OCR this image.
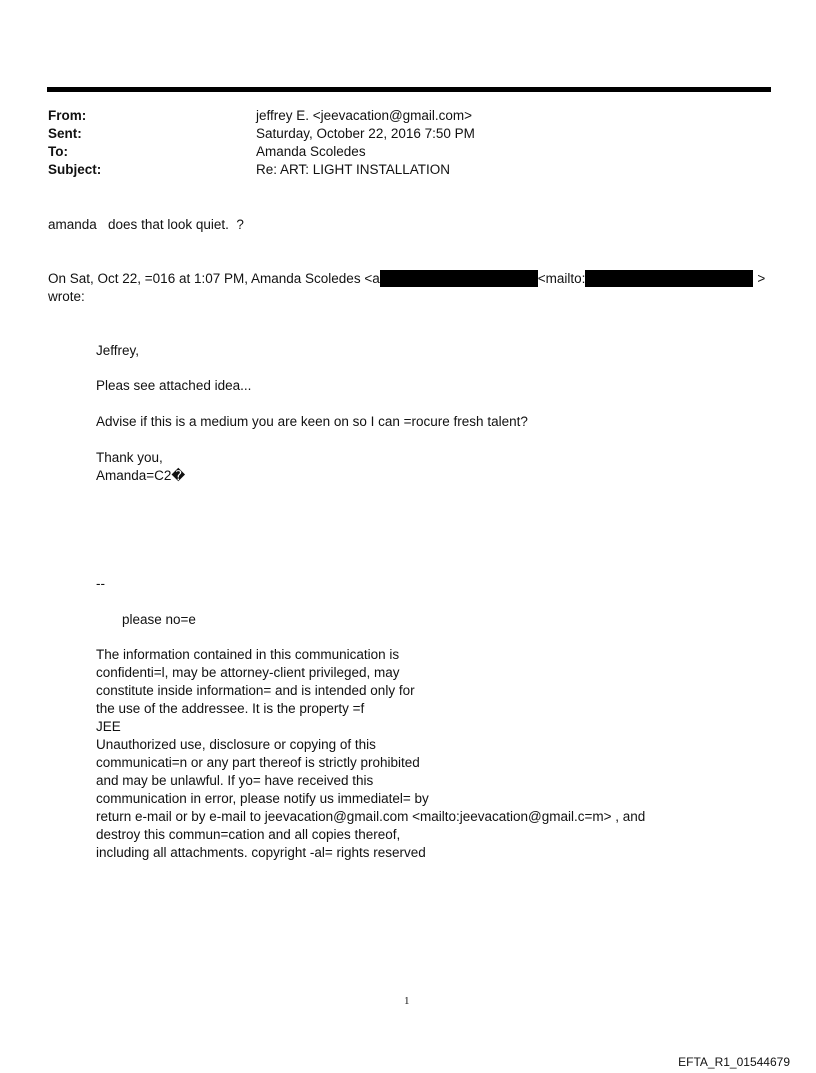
From:	jeffrey E. <jeevacation@gmail.com>
Sent:	Saturday, October 22, 2016 7:50 PM
To:	Amanda Scoledes
Subject:	Re: ART: LIGHT INSTALLATION
amanda   does that look quiet.  ?
On Sat, Oct 22, =016 at 1:07 PM, Amanda Scoledes <a	<mailto:	>
wrote:
Jeffrey,
Pleas see attached idea...
Advise if this is a medium you are keen on so I can =rocure fresh talent?
Thank you,
Amanda=C2�
--
please no=e
The information contained in this communication is
confidenti=l, may be attorney-client privileged, may
constitute inside information= and is intended only for
the use of the addressee. It is the property =f
JEE
Unauthorized use, disclosure or copying of this
communicati=n or any part thereof is strictly prohibited
and may be unlawful. If yo= have received this
communication in error, please notify us immediatel= by
return e-mail or by e-mail to jeevacation@gmail.com <mailto:jeevacation@gmail.c=m> , and
destroy this commun=cation and all copies thereof,
including all attachments. copyright -al= rights reserved
1
EFTA_R1_01544679
